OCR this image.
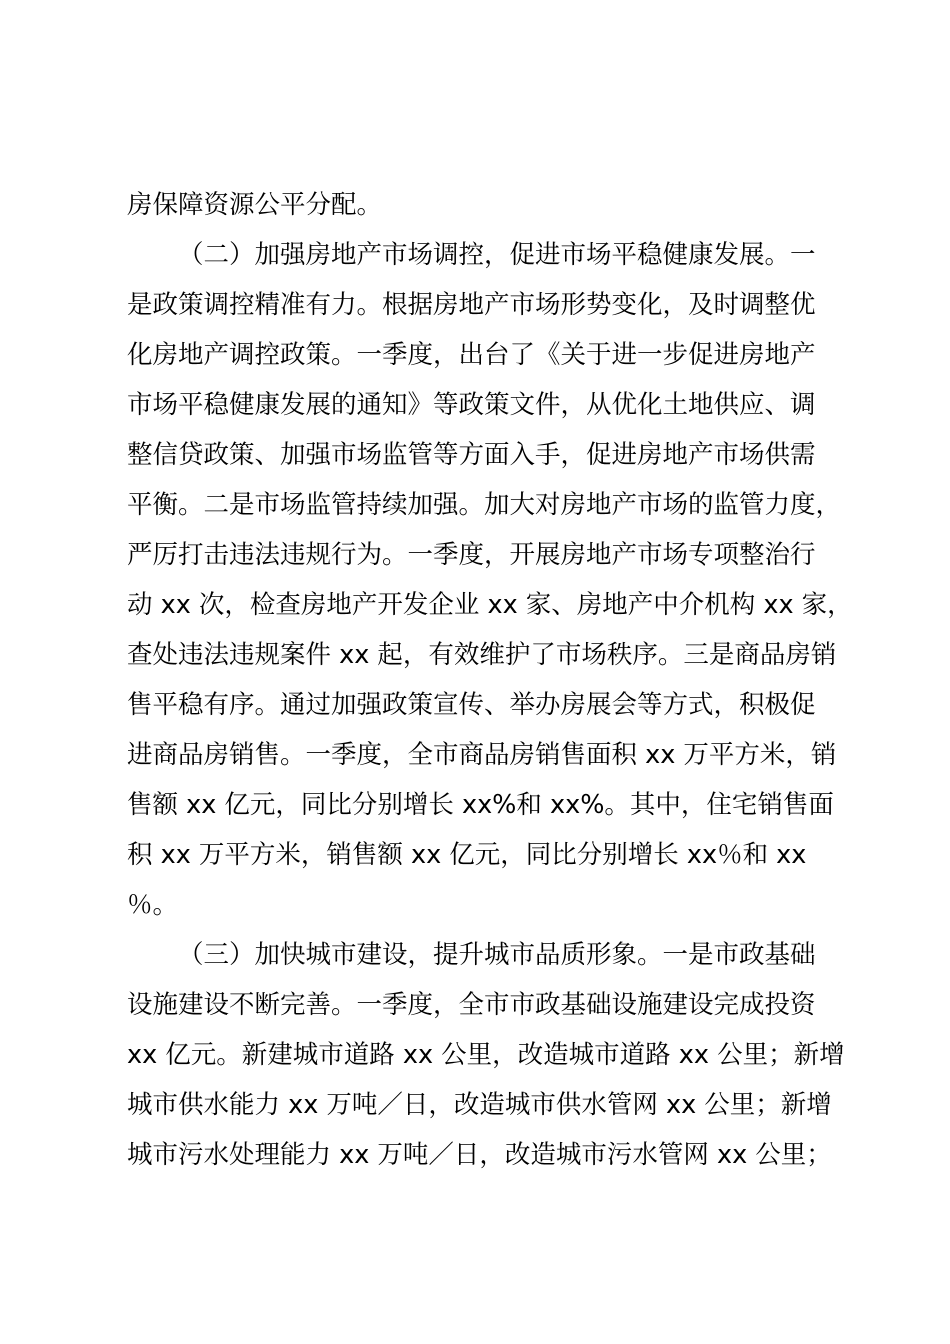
房保障资源公平分配。
（二）加强房地产市场调控，促进市场平稳健康发展。一
是政策调控精准有力。根据房地产市场形势变化，及时调整优
化房地产调控政策。一季度，出台了《关于进一步促进房地产
市场平稳健康发展的通知》等政策文件，从优化土地供应、调
整信贷政策、加强市场监管等方面入手，促进房地产市场供需
平衡。二是市场监管持续加强。加大对房地产市场的监管力度，
严厉打击违法违规行为。一季度，开展房地产市场专项整治行
动 xx 次，检查房地产开发企业 xx 家、房地产中介机构 xx 家，
查处违法违规案件 xx 起，有效维护了市场秩序。三是商品房销
售平稳有序。通过加强政策宣传、举办房展会等方式，积极促
进商品房销售。一季度，全市商品房销售面积 xx 万平方米，销
售额 xx 亿元，同比分别增长 xx%和 xx%。其中，住宅销售面
积 xx 万平方米，销售额 xx 亿元，同比分别增长 xx％和 xx
％。
（三）加快城市建设，提升城市品质形象。一是市政基础
设施建设不断完善。一季度，全市市政基础设施建设完成投资
xx 亿元。新建城市道路 xx 公里，改造城市道路 xx 公里；新增
城市供水能力 xx 万吨／日，改造城市供水管网 xx 公里；新增
城市污水处理能力 xx 万吨／日，改造城市污水管网 xx 公里；
